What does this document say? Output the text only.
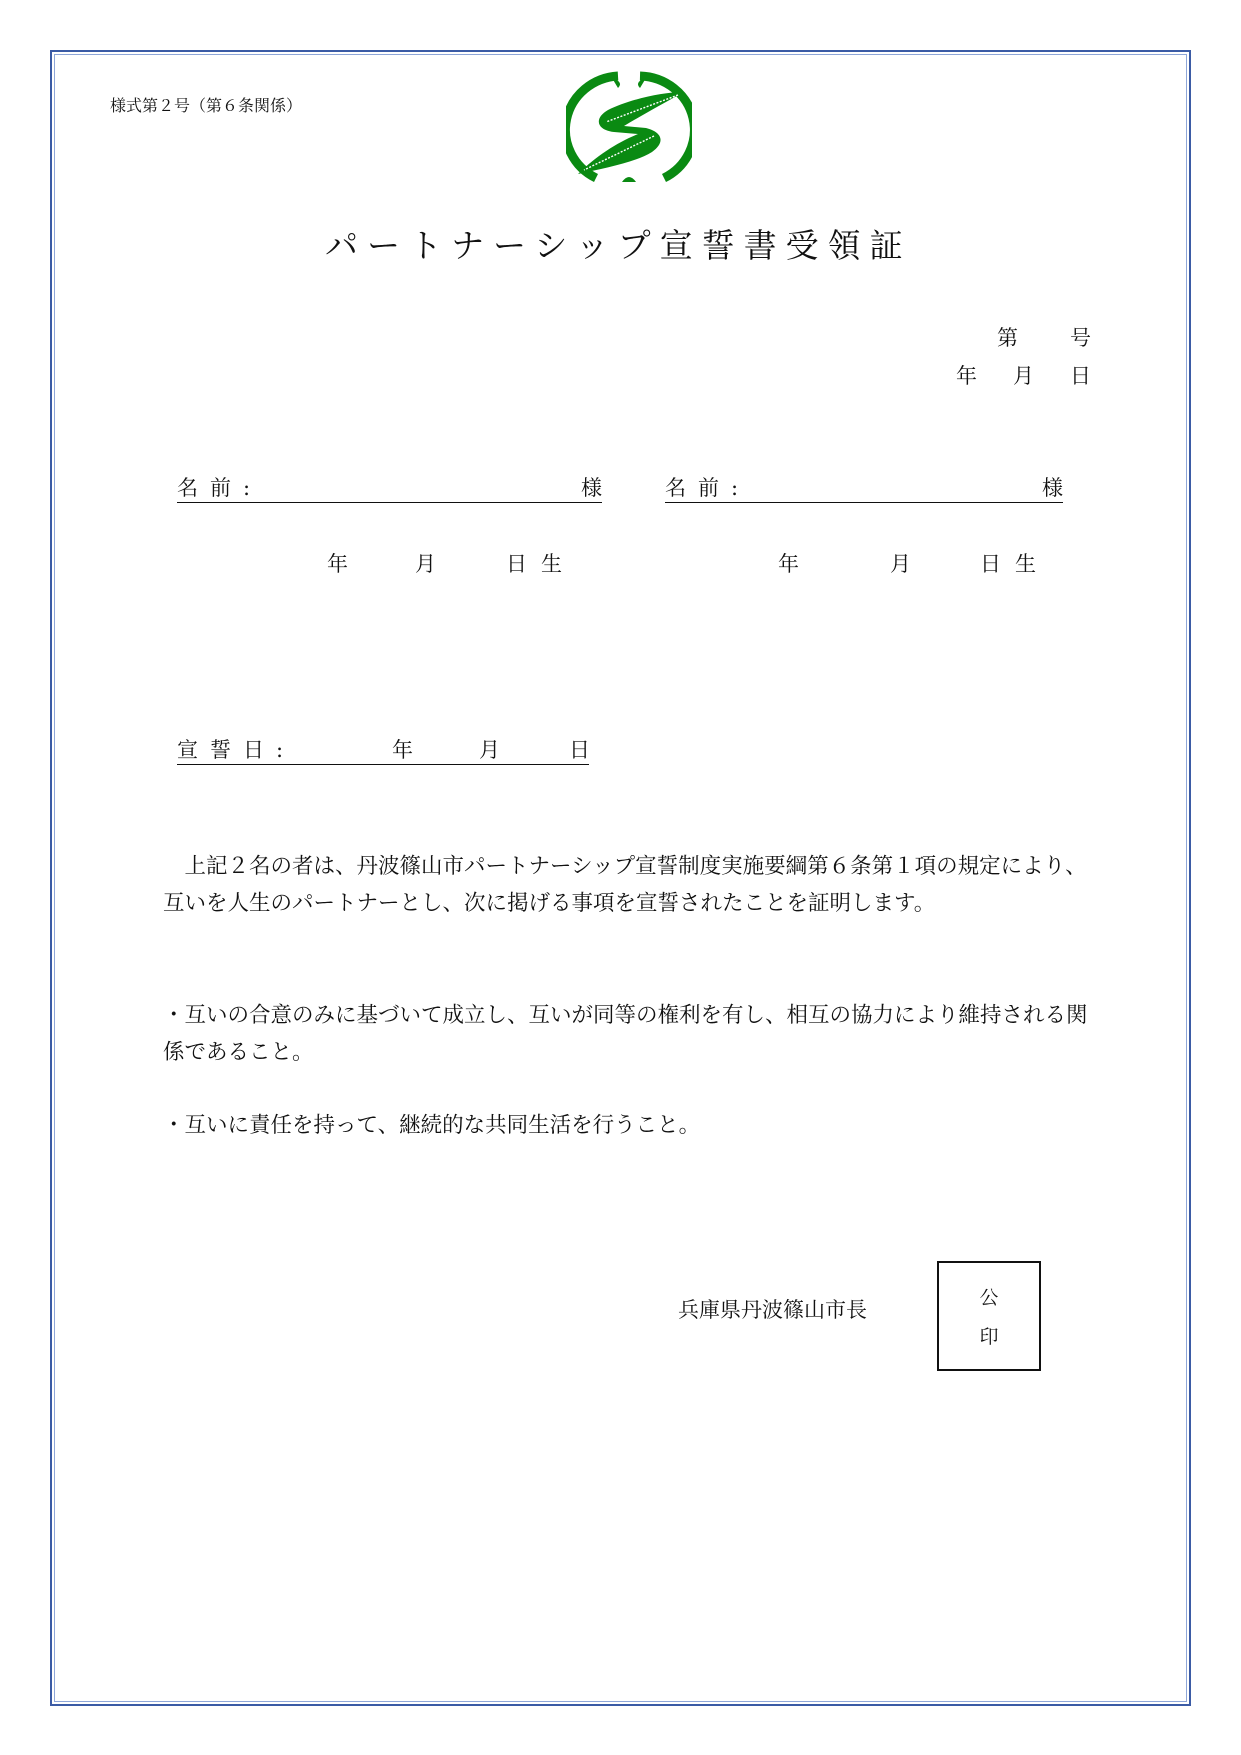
様式第２号（第６条関係）
パートナーシップ宣誓書受領証
第 号
年 月 日
名前:	様	名前:	様
年	月	日 生	年	月	日 生
宣誓日:	年	月	日
　上記２名の者は、丹波篠山市パートナーシップ宣誓制度実施要綱第６条第１項の規定により、互いを人生のパートナーとし、次に掲げる事項を宣誓されたことを証明します。
・互いの合意のみに基づいて成立し、互いが同等の権利を有し、相互の協力により維持される関係であること。
・互いに責任を持って、継続的な共同生活を行うこと。
兵庫県丹波篠山市長	公
印
